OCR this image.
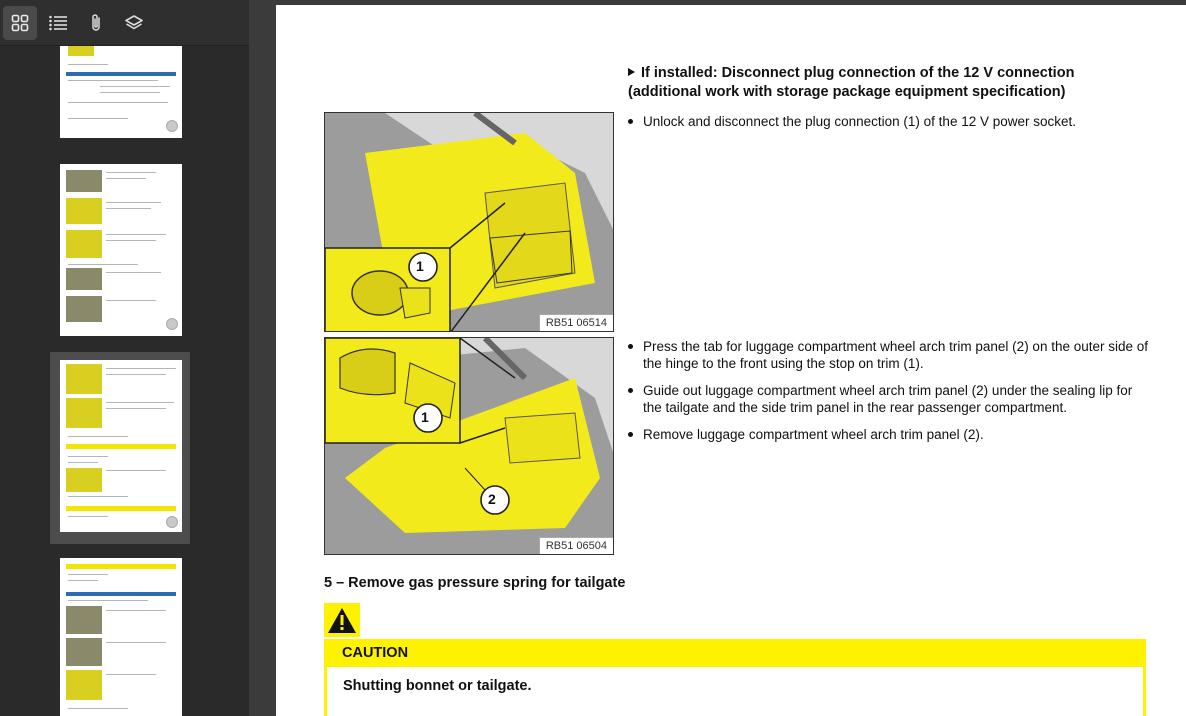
If installed: Disconnect plug connection of the 12 V connection (additional work with storage package equipment specification)
1
RB51 06514
Unlock and disconnect the plug connection (1) of the 12 V power socket.
1
2
RB51 06504
Press the tab for luggage compartment wheel arch trim panel (2) on the outer side of the hinge to the front using the stop on trim (1).
Guide out luggage compartment wheel arch trim panel (2) under the sealing lip for the tailgate and the side trim panel in the rear passenger compartment.
Remove luggage compartment wheel arch trim panel (2).
5 – Remove gas pressure spring for tailgate
CAUTION
Shutting bonnet or tailgate.
